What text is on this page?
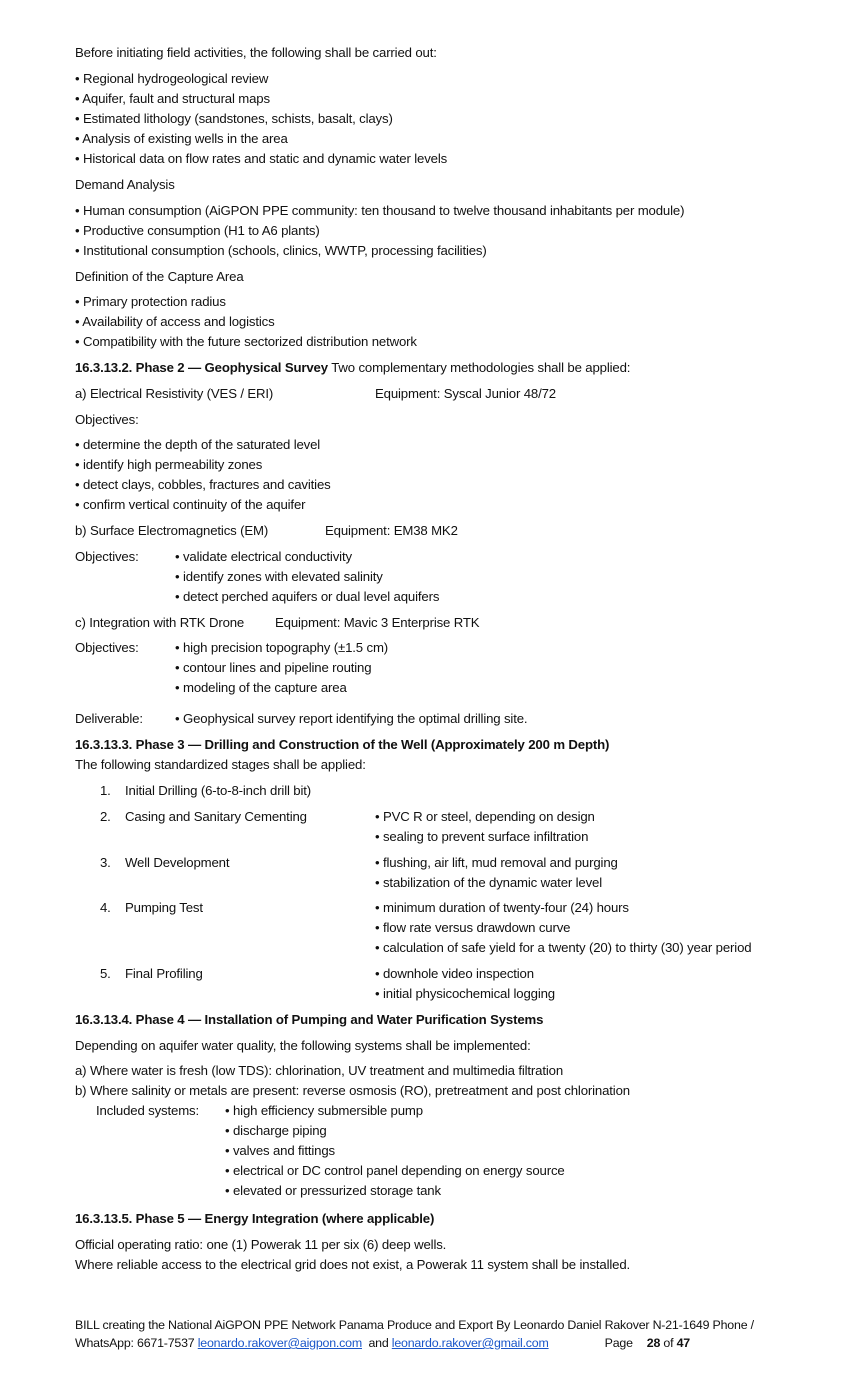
Before initiating field activities, the following shall be carried out:
• Regional hydrogeological review
• Aquifer, fault and structural maps
• Estimated lithology (sandstones, schists, basalt, clays)
• Analysis of existing wells in the area
• Historical data on flow rates and static and dynamic water levels
Demand Analysis
• Human consumption (AiGPON PPE community: ten thousand to twelve thousand inhabitants per module)
• Productive consumption (H1 to A6 plants)
• Institutional consumption (schools, clinics, WWTP, processing facilities)
Definition of the Capture Area
• Primary protection radius
• Availability of access and logistics
• Compatibility with the future sectorized distribution network
16.3.13.2. Phase 2 — Geophysical Survey Two complementary methodologies shall be applied:
a) Electrical Resistivity (VES / ERI)	Equipment: Syscal Junior 48/72
Objectives:
• determine the depth of the saturated level
• identify high permeability zones
• detect clays, cobbles, fractures and cavities
• confirm vertical continuity of the aquifer
b) Surface Electromagnetics (EM)	Equipment: EM38 MK2
Objectives:	• validate electrical conductivity
• identify zones with elevated salinity
• detect perched aquifers or dual level aquifers
c) Integration with RTK Drone Equipment: Mavic 3 Enterprise RTK
Objectives:	• high precision topography (±1.5 cm)
• contour lines and pipeline routing
• modeling of the capture area
Deliverable: • Geophysical survey report identifying the optimal drilling site.
16.3.13.3. Phase 3 — Drilling and Construction of the Well (Approximately 200 m Depth)
The following standardized stages shall be applied:
1. Initial Drilling (6-to-8-inch drill bit)
2. Casing and Sanitary Cementing	• PVC R or steel, depending on design
• sealing to prevent surface infiltration
3. Well Development	• flushing, air lift, mud removal and purging
• stabilization of the dynamic water level
4. Pumping Test	• minimum duration of twenty-four (24) hours
• flow rate versus drawdown curve
• calculation of safe yield for a twenty (20) to thirty (30) year period
5. Final Profiling	• downhole video inspection
• initial physicochemical logging
16.3.13.4. Phase 4 — Installation of Pumping and Water Purification Systems
Depending on aquifer water quality, the following systems shall be implemented:
a) Where water is fresh (low TDS): chlorination, UV treatment and multimedia filtration
b) Where salinity or metals are present: reverse osmosis (RO), pretreatment and post chlorination
Included systems: • high efficiency submersible pump
• discharge piping
• valves and fittings
• electrical or DC control panel depending on energy source
• elevated or pressurized storage tank
16.3.13.5. Phase 5 — Energy Integration (where applicable)
Official operating ratio: one (1) Powerak 11 per six (6) deep wells.
Where reliable access to the electrical grid does not exist, a Powerak 11 system shall be installed.
BILL creating the National AiGPON PPE Network Panama Produce and Export By Leonardo Daniel Rakover N-21-1649 Phone /
WhatsApp: 6671-7537 leonardo.rakover@aigpon.com  and leonardo.rakover@gmail.com	Page 28 of 47
